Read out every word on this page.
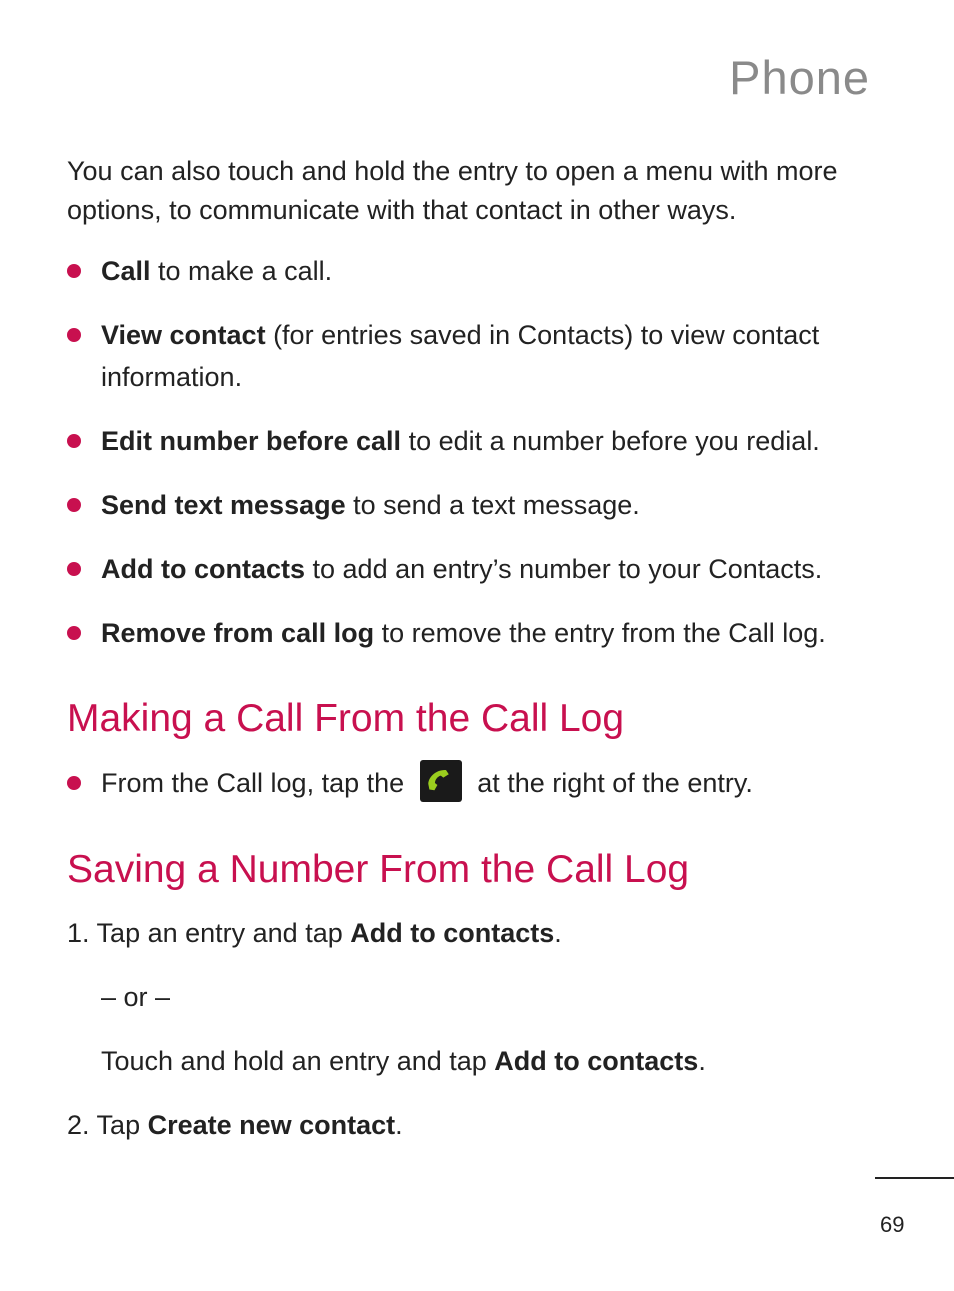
Phone
You can also touch and hold the entry to open a menu with more options, to communicate with that contact in other ways.
Call to make a call.
View contact (for entries saved in Contacts) to view contact information.
Edit number before call to edit a number before you redial.
Send text message to send a text message.
Add to contacts to add an entry’s number to your Contacts.
Remove from call log to remove the entry from the Call log.
Making a Call From the Call Log
From the Call log, tap the	at the right of the entry.
Saving a Number From the Call Log
1. Tap an entry and tap Add to contacts.
– or –
Touch and hold an entry and tap Add to contacts.
2. Tap Create new contact.
69
